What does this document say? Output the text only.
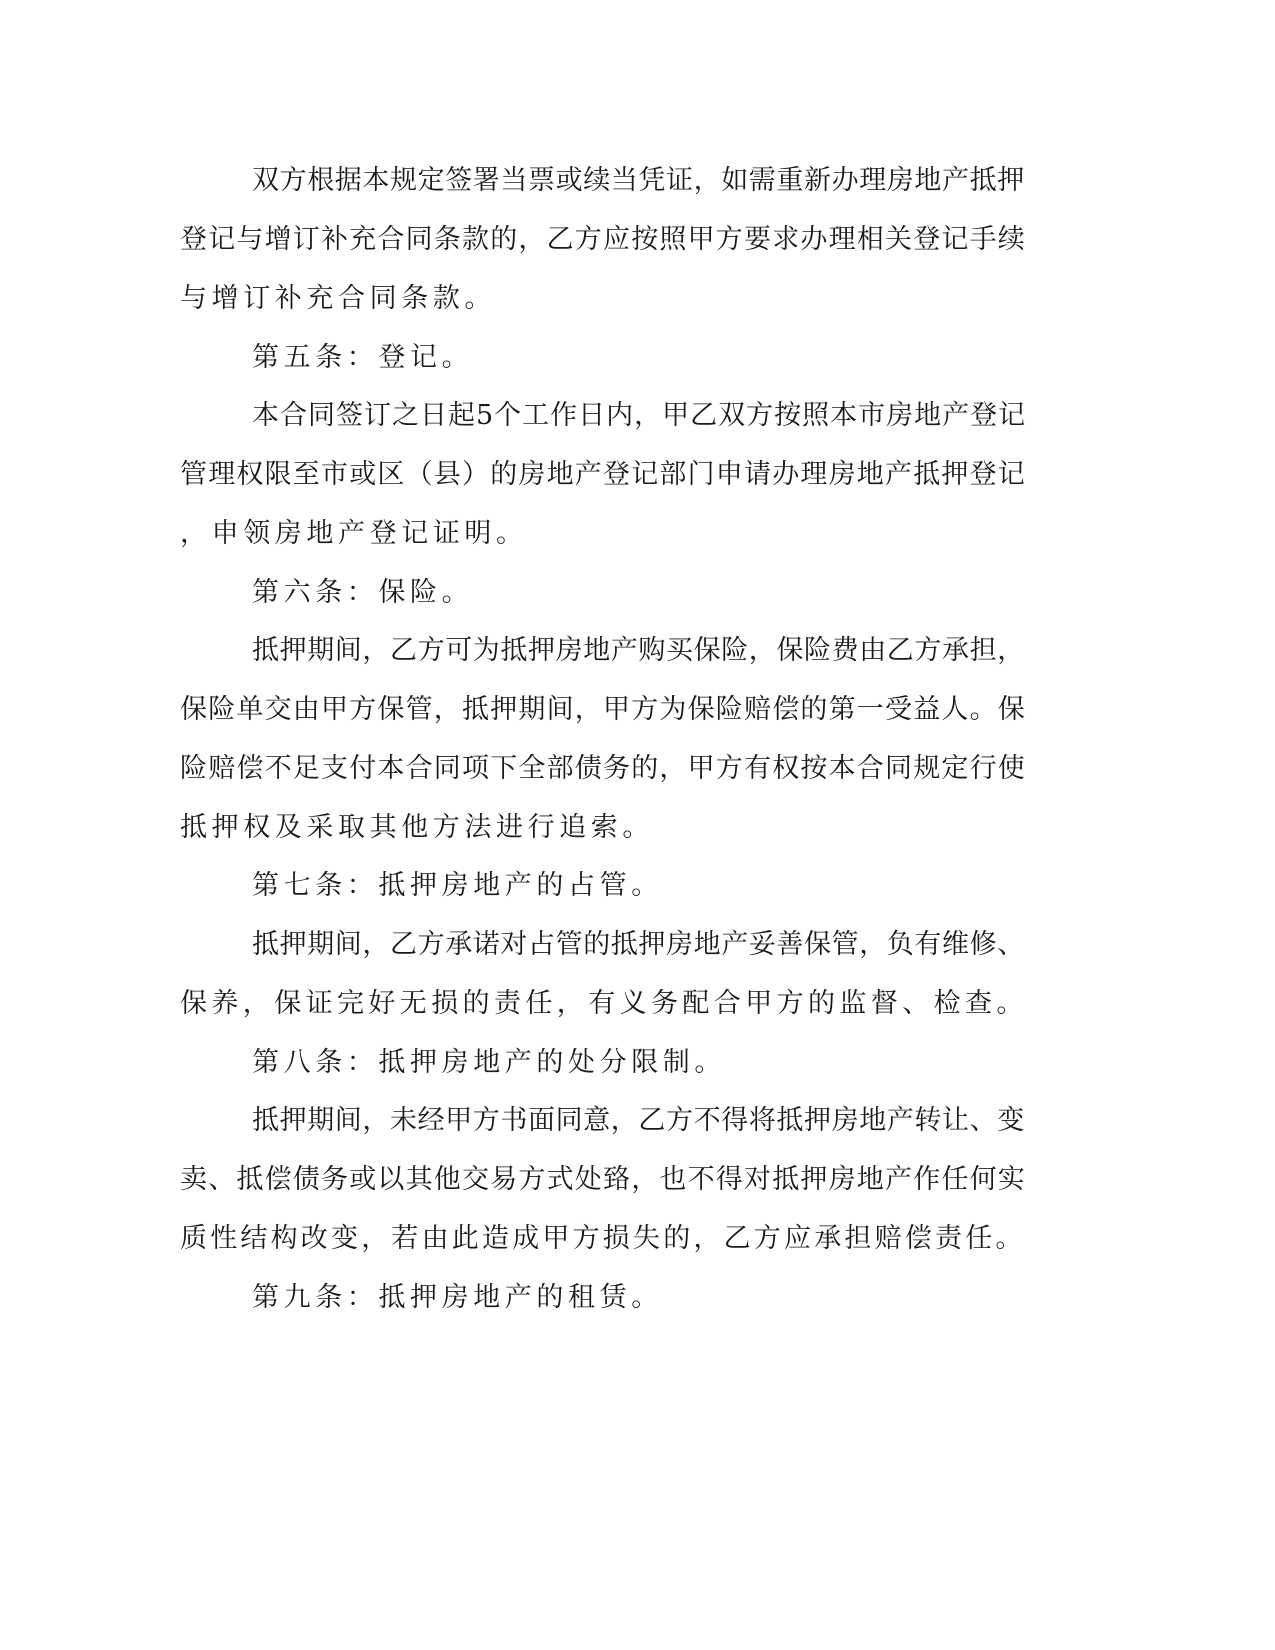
双方根据本规定签署当票或续当凭证，如需重新办理房地产抵押

登记与增订补充合同条款的，乙方应按照甲方要求办理相关登记手续

与增订补充合同条款。

第五条：登记。

本合同签订之日起5个工作日内，甲乙双方按照本市房地产登记

管理权限至市或区（县）的房地产登记部门申请办理房地产抵押登记

，申领房地产登记证明。

第六条：保险。

抵押期间，乙方可为抵押房地产购买保险，保险费由乙方承担，

保险单交由甲方保管，抵押期间，甲方为保险赔偿的第一受益人。保

险赔偿不足支付本合同项下全部债务的，甲方有权按本合同规定行使

抵押权及采取其他方法进行追索。

第七条：抵押房地产的占管。

抵押期间，乙方承诺对占管的抵押房地产妥善保管，负有维修、

保养，保证完好无损的责任，有义务配合甲方的监督、检查。

第八条：抵押房地产的处分限制。

抵押期间，未经甲方书面同意，乙方不得将抵押房地产转让、变

卖、抵偿债务或以其他交易方式处臵，也不得对抵押房地产作任何实

质性结构改变，若由此造成甲方损失的，乙方应承担赔偿责任。

第九条：抵押房地产的租赁。
